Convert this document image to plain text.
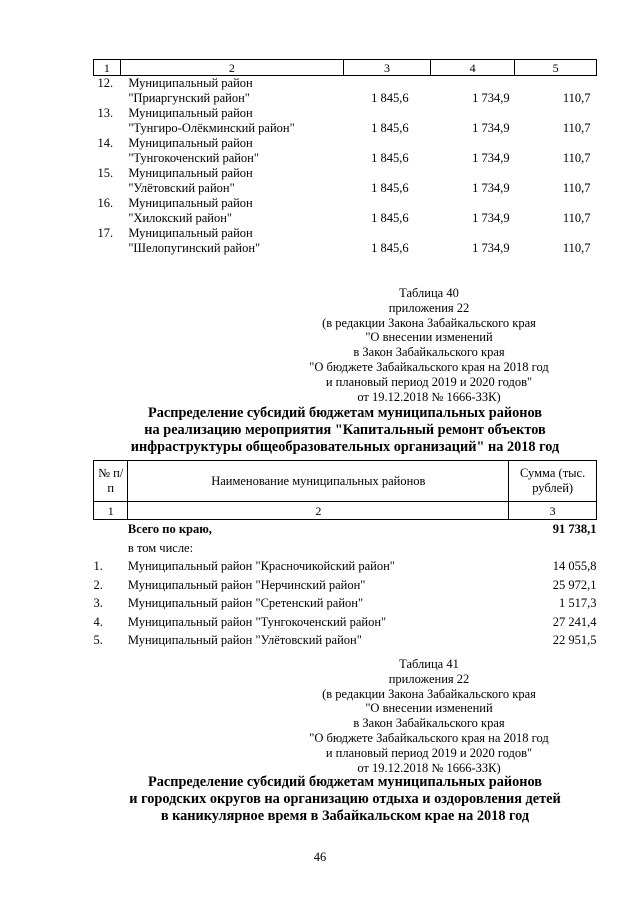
1	2	3	4	5
12.	Муниципальный район			
	"Приаргунский район"	1 845,6	1 734,9	110,7
13.	Муниципальный район			
	"Тунгиро-Олёкминский район"	1 845,6	1 734,9	110,7
14.	Муниципальный район			
	"Тунгокоченский район"	1 845,6	1 734,9	110,7
15.	Муниципальный район			
	"Улётовский район"	1 845,6	1 734,9	110,7
16.	Муниципальный район			
	"Хилокский район"	1 845,6	1 734,9	110,7
17.	Муниципальный район			
	"Шелопугинский район"	1 845,6	1 734,9	110,7
Таблица 40
приложения 22
(в редакции Закона Забайкальского края
"О внесении изменений
в Закон Забайкальского края
"О бюджете Забайкальского края на 2018 год
и плановый период 2019 и 2020 годов"
от 19.12.2018 № 1666-ЗЗК)
Распределение субсидий бюджетам муниципальных районов
на реализацию мероприятия "Капитальный ремонт объектов
инфраструктуры общеобразовательных организаций" на 2018 год
№ п/п	Наименование муниципальных районов	Сумма (тыс. рублей)
1	2	3
	Всего по краю,	91 738,1
	в том числе:	
1.	Муниципальный район "Красночикойский район"	14 055,8
2.	Муниципальный район "Нерчинский район"	25 972,1
3.	Муниципальный район "Сретенский район"	1 517,3
4.	Муниципальный район "Тунгокоченский район"	27 241,4
5.	Муниципальный район "Улётовский район"	22 951,5
Таблица 41
приложения 22
(в редакции Закона Забайкальского края
"О внесении изменений
в Закон Забайкальского края
"О бюджете Забайкальского края на 2018 год
и плановый период 2019 и 2020 годов"
от 19.12.2018 № 1666-ЗЗК)
Распределение субсидий бюджетам муниципальных районов
и городских округов на организацию отдыха и оздоровления детей
в каникулярное время в Забайкальском крае на 2018 год
46
